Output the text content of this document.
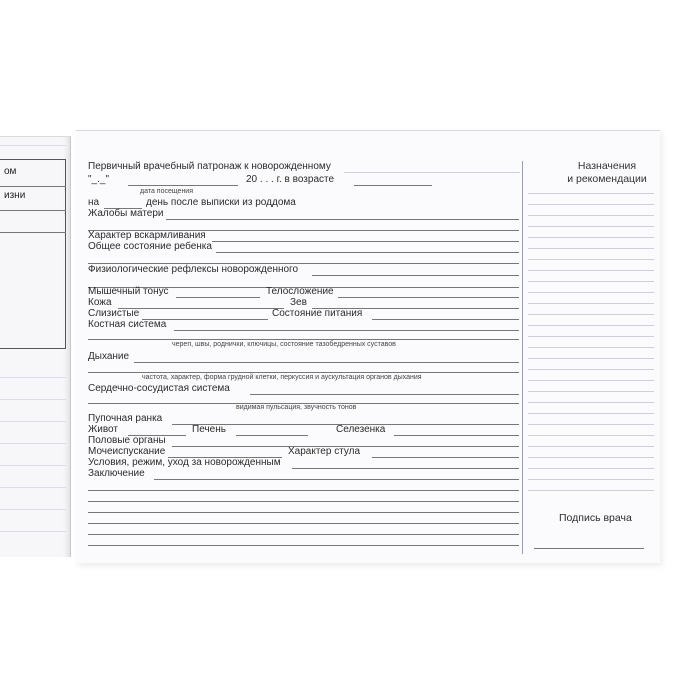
ом
изни
Первичный врачебный патронаж к новорожденному
"_._"	20 . . . г. в возрасте
дата посещения
на	день после выписки из роддома
Жалобы матери
Характер вскармливания
Общее состояние ребенка
Физиологические рефлексы новорожденного
Мышечный тонус	Телосложение
Кожа	Зев
Слизистые	Состояние питания
Костная система
череп, швы, роднички, ключицы, состояние тазобедренных суставов
Дыхание
частота, характер, форма грудной клетки, перкуссия и аускультация органов дыхания
Сердечно-сосудистая система
видимая пульсация, звучность тонов
Пупочная ранка
Живот	Печень	Селезенка
Половые органы
Мочеиспускание	Характер стула
Условия, режим, уход за новорожденным
Заключение
Назначения
и рекомендации
Подпись врача
